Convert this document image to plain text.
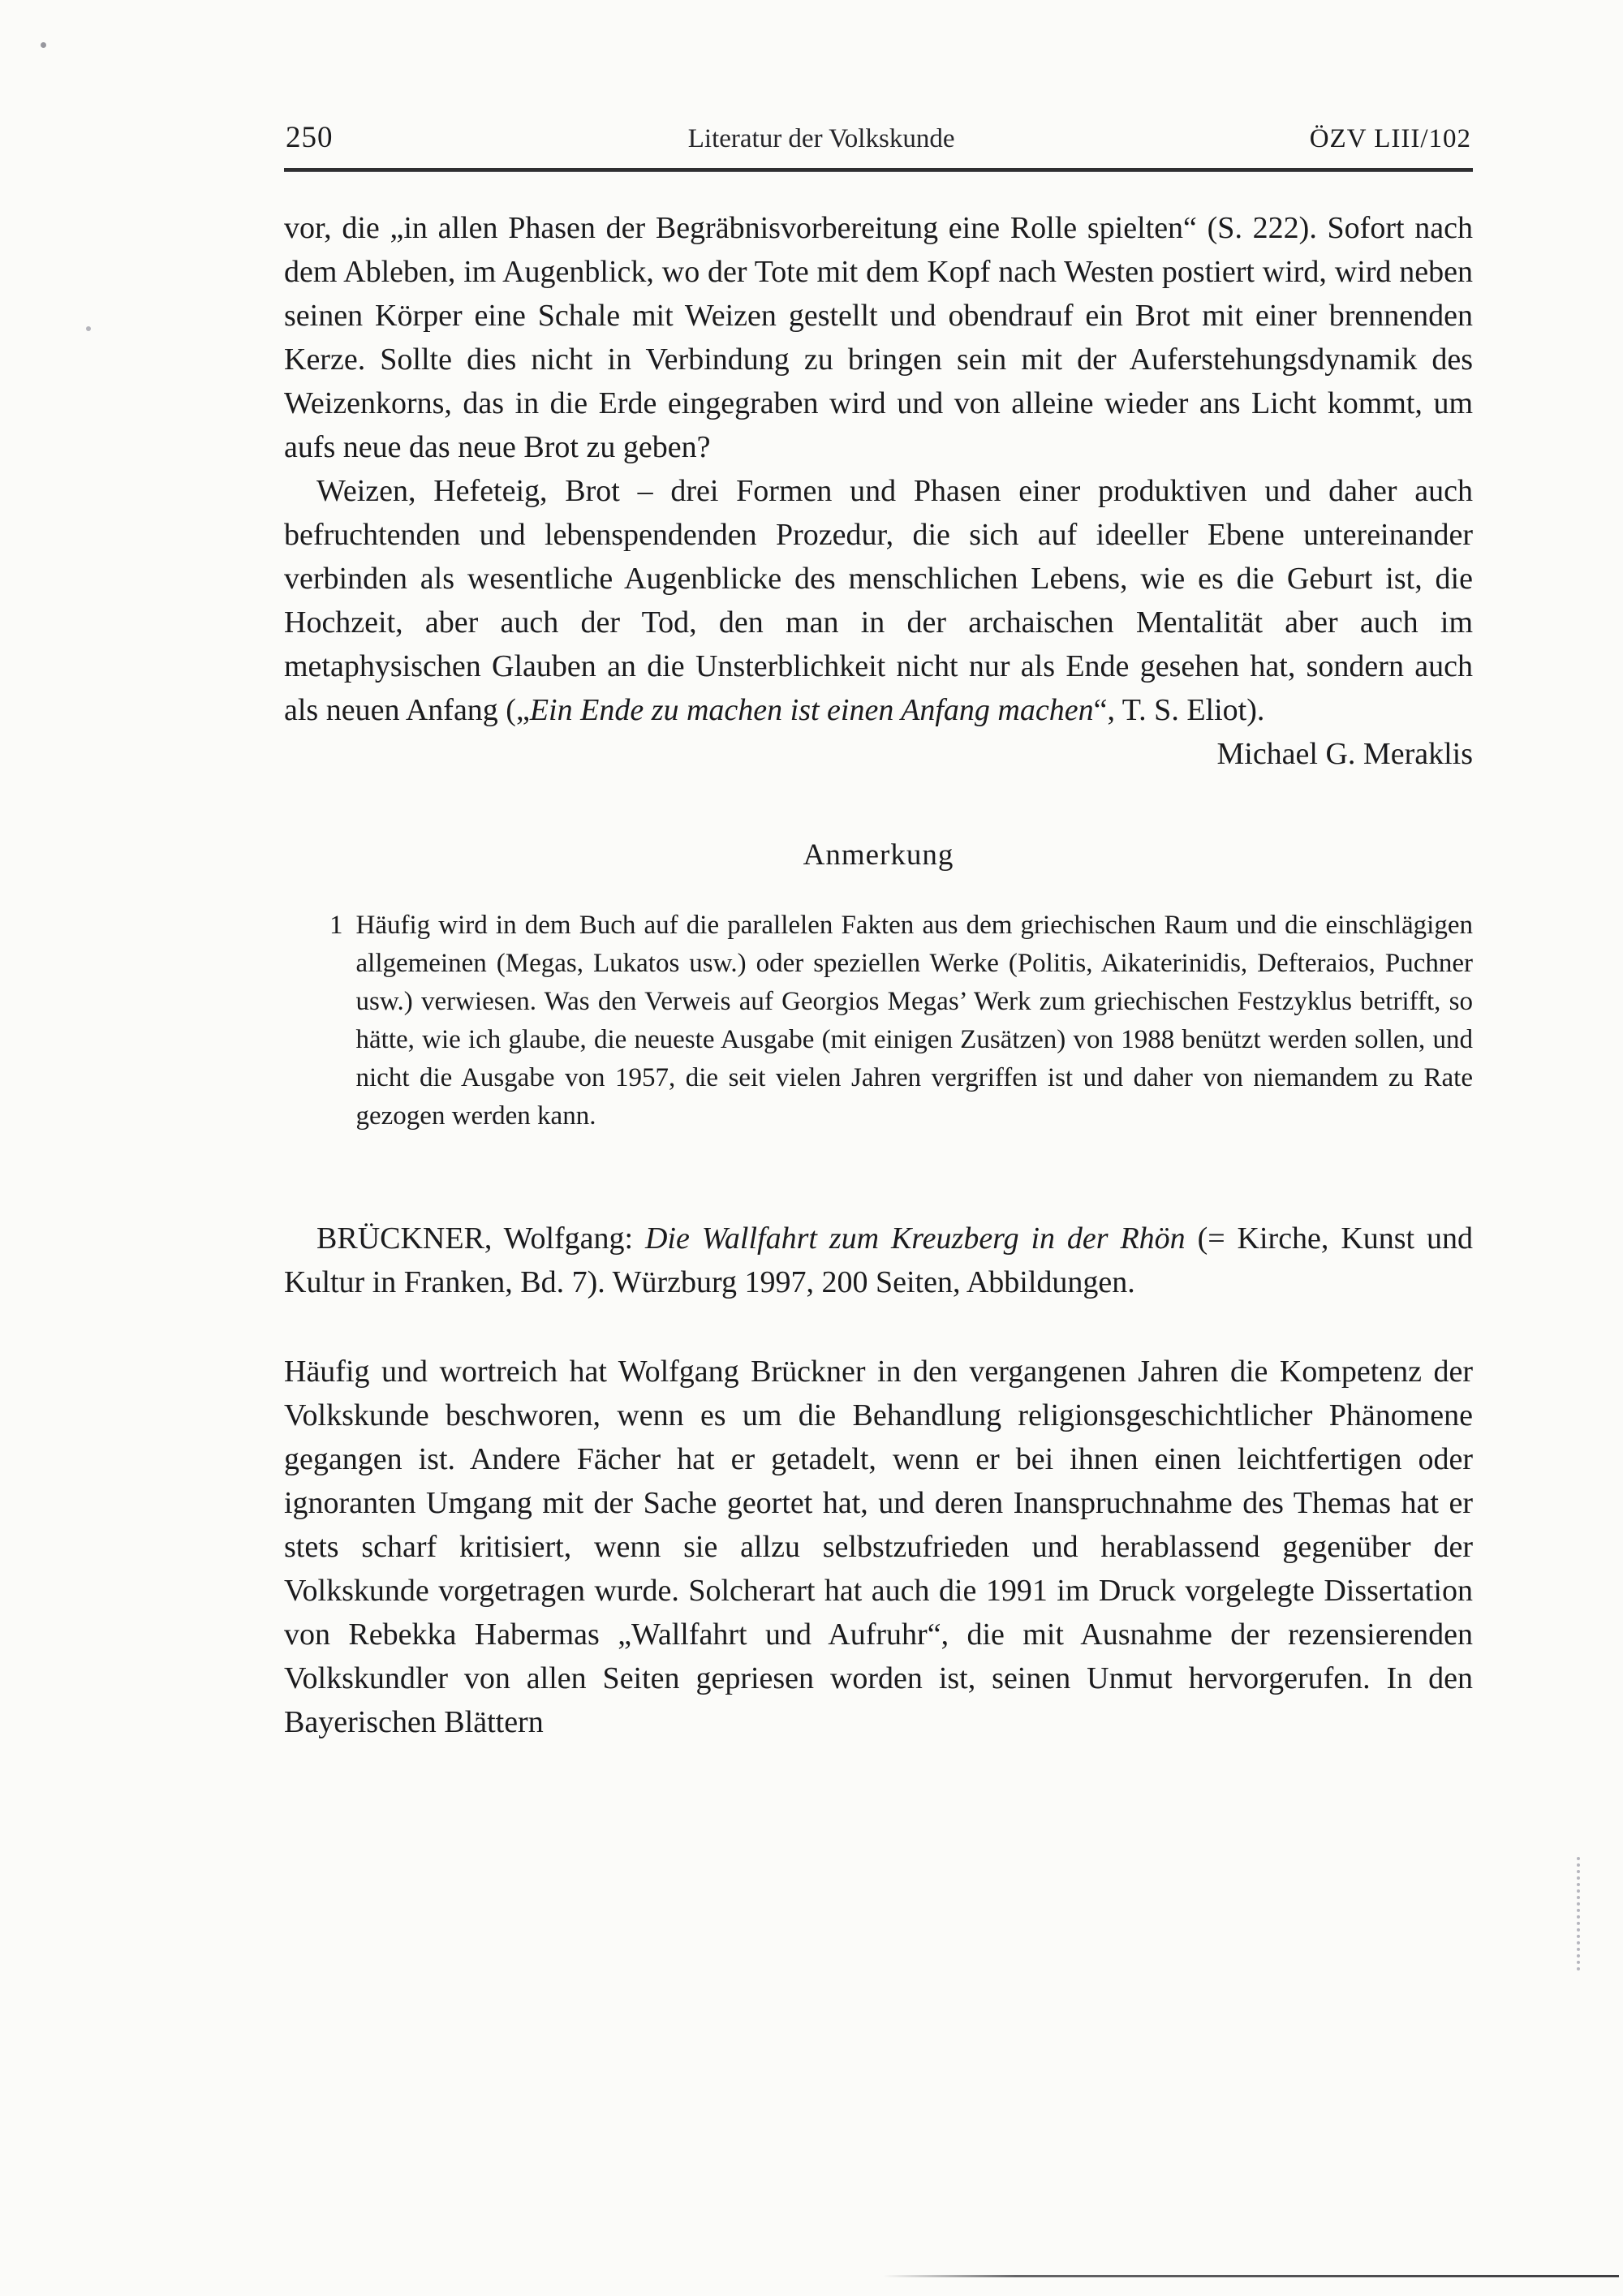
250	Literatur der Volkskunde	ÖZV LIII/102

vor, die „in allen Phasen der Begräbnisvorbereitung eine Rolle spielten“ (S. 222). Sofort nach dem Ableben, im Augenblick, wo der Tote mit dem Kopf nach Westen postiert wird, wird neben seinen Körper eine Schale mit Weizen gestellt und obendrauf ein Brot mit einer brennenden Kerze. Sollte dies nicht in Verbindung zu bringen sein mit der Auferstehungsdynamik des Weizenkorns, das in die Erde eingegraben wird und von alleine wieder ans Licht kommt, um aufs neue das neue Brot zu geben?

Weizen, Hefeteig, Brot – drei Formen und Phasen einer produktiven und daher auch befruchtenden und lebenspendenden Prozedur, die sich auf ideeller Ebene untereinander verbinden als wesentliche Augenblicke des menschlichen Lebens, wie es die Geburt ist, die Hochzeit, aber auch der Tod, den man in der archaischen Mentalität aber auch im metaphysischen Glauben an die Unsterblichkeit nicht nur als Ende gesehen hat, sondern auch als neuen Anfang („Ein Ende zu machen ist einen Anfang machen“, T. S. Eliot).

Michael G. Meraklis

Anmerkung
1 Häufig wird in dem Buch auf die parallelen Fakten aus dem griechischen Raum und die einschlägigen allgemeinen (Megas, Lukatos usw.) oder speziellen Werke (Politis, Aikaterinidis, Defteraios, Puchner usw.) verwiesen. Was den Verweis auf Georgios Megas’ Werk zum griechischen Festzyklus betrifft, so hätte, wie ich glaube, die neueste Ausgabe (mit einigen Zusätzen) von 1988 benützt werden sollen, und nicht die Ausgabe von 1957, die seit vielen Jahren vergriffen ist und daher von niemandem zu Rate gezogen werden kann.

BRÜCKNER, Wolfgang: Die Wallfahrt zum Kreuzberg in der Rhön (= Kirche, Kunst und Kultur in Franken, Bd. 7). Würzburg 1997, 200 Seiten, Abbildungen.

Häufig und wortreich hat Wolfgang Brückner in den vergangenen Jahren die Kompetenz der Volkskunde beschworen, wenn es um die Behandlung religionsgeschichtlicher Phänomene gegangen ist. Andere Fächer hat er getadelt, wenn er bei ihnen einen leichtfertigen oder ignoranten Umgang mit der Sache geortet hat, und deren Inanspruchnahme des Themas hat er stets scharf kritisiert, wenn sie allzu selbstzufrieden und herablassend gegenüber der Volkskunde vorgetragen wurde. Solcherart hat auch die 1991 im Druck vorgelegte Dissertation von Rebekka Habermas „Wallfahrt und Aufruhr“, die mit Ausnahme der rezensierenden Volkskundler von allen Seiten gepriesen worden ist, seinen Unmut hervorgerufen. In den Bayerischen Blättern
